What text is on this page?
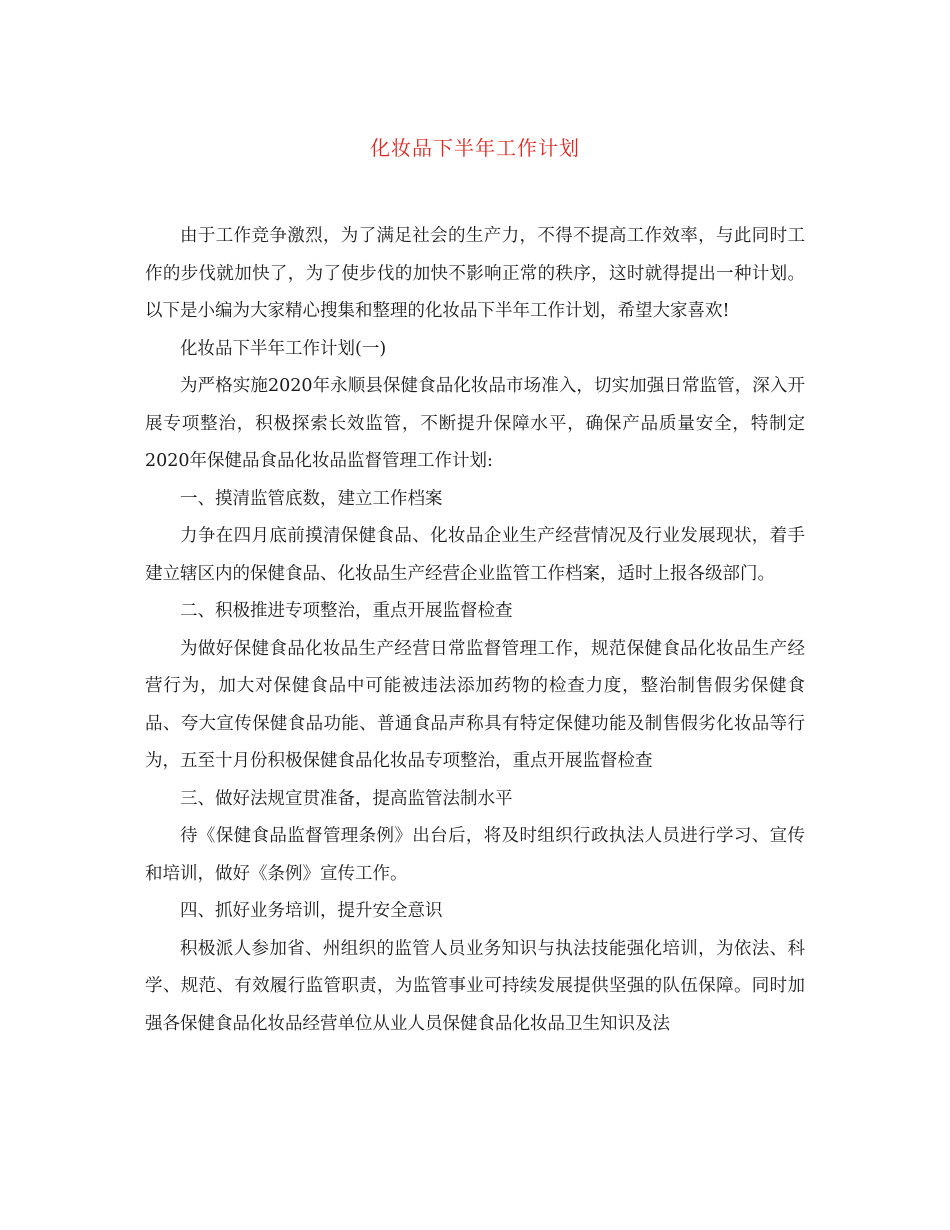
化妆品下半年工作计划

由于工作竞争激烈，为了满足社会的生产力，不得不提高工作效率，与此同时工作的步伐就加快了，为了使步伐的加快不影响正常的秩序，这时就得提出一种计划。以下是小编为大家精心搜集和整理的化妆品下半年工作计划，希望大家喜欢!

化妆品下半年工作计划(一)

为严格实施2020年永顺县保健食品化妆品市场准入，切实加强日常监管，深入开展专项整治，积极探索长效监管，不断提升保障水平，确保产品质量安全，特制定2020年保健品食品化妆品监督管理工作计划:

一、摸清监管底数，建立工作档案

力争在四月底前摸清保健食品、化妆品企业生产经营情况及行业发展现状，着手建立辖区内的保健食品、化妆品生产经营企业监管工作档案，适时上报各级部门。

二、积极推进专项整治，重点开展监督检查

为做好保健食品化妆品生产经营日常监督管理工作，规范保健食品化妆品生产经营行为，加大对保健食品中可能被违法添加药物的检查力度，整治制售假劣保健食品、夸大宣传保健食品功能、普通食品声称具有特定保健功能及制售假劣化妆品等行为，五至十月份积极保健食品化妆品专项整治，重点开展监督检查

三、做好法规宣贯准备，提高监管法制水平

待《保健食品监督管理条例》出台后，将及时组织行政执法人员进行学习、宣传和培训，做好《条例》宣传工作。

四、抓好业务培训，提升安全意识

积极派人参加省、州组织的监管人员业务知识与执法技能强化培训，为依法、科学、规范、有效履行监管职责，为监管事业可持续发展提供坚强的队伍保障。同时加强各保健食品化妆品经营单位从业人员保健食品化妆品卫生知识及法
